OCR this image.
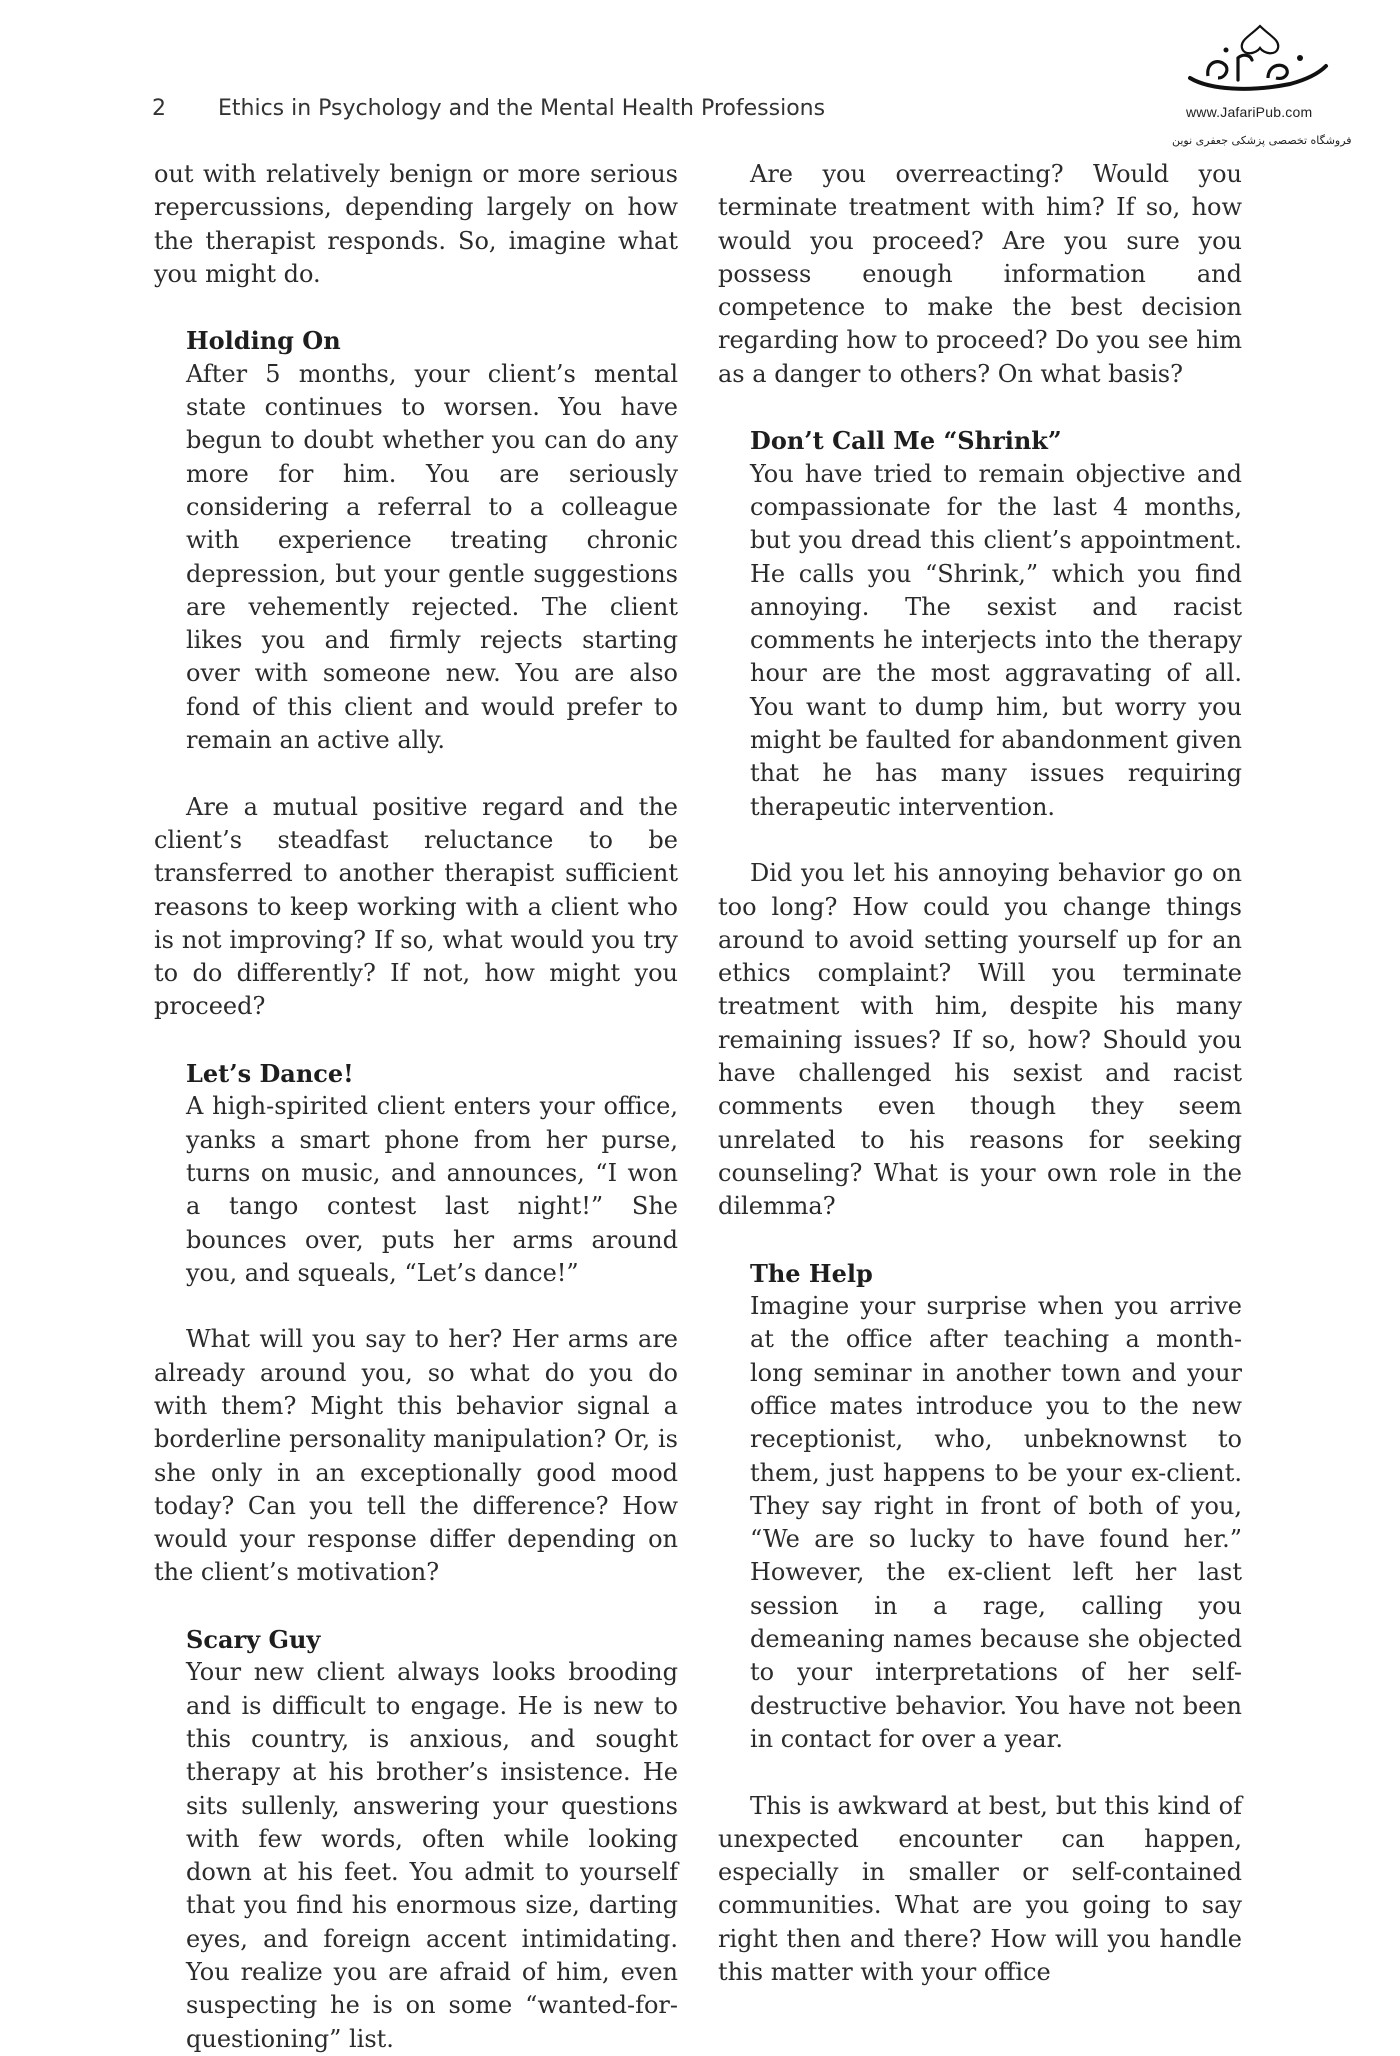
2 Ethics in Psychology and the Mental Health Professions	www.JafariPub.com
فروشگاه تخصصی پزشکی جعفری نوین

out with relatively benign or more serious repercussions, depending largely on how the therapist responds. So, imagine what you might do.

Holding On

After 5 months, your client’s mental state continues to worsen. You have begun to doubt whether you can do any more for him. You are seriously considering a referral to a colleague with experience treating chronic depression, but your gentle suggestions are vehemently rejected. The client likes you and firmly rejects starting over with someone new. You are also fond of this client and would prefer to remain an active ally.

Are a mutual positive regard and the client’s steadfast reluctance to be transferred to another therapist sufficient reasons to keep working with a client who is not improving? If so, what would you try to do differently? If not, how might you proceed?

Let’s Dance!

A high-spirited client enters your office, yanks a smart phone from her purse, turns on music, and announces, “I won a tango contest last night!” She bounces over, puts her arms around you, and squeals, “Let’s dance!”

What will you say to her? Her arms are already around you, so what do you do with them? Might this behavior signal a borderline personality manipulation? Or, is she only in an exceptionally good mood today? Can you tell the difference? How would your response differ depending on the client’s motivation?

Scary Guy

Your new client always looks brooding and is difficult to engage. He is new to this country, is anxious, and sought therapy at his brother’s insistence. He sits sullenly, answering your questions with few words, often while looking down at his feet. You admit to yourself that you find his enormous size, darting eyes, and foreign accent intimidating. You realize you are afraid of him, even suspecting he is on some “wanted-for-questioning” list.

Are you overreacting? Would you terminate treatment with him? If so, how would you proceed? Are you sure you possess enough information and competence to make the best decision regarding how to proceed? Do you see him as a danger to others? On what basis?

Don’t Call Me “Shrink”

You have tried to remain objective and compassionate for the last 4 months, but you dread this client’s appointment. He calls you “Shrink,” which you find annoying. The sexist and racist comments he interjects into the therapy hour are the most aggravating of all. You want to dump him, but worry you might be faulted for abandonment given that he has many issues requiring therapeutic intervention.

Did you let his annoying behavior go on too long? How could you change things around to avoid setting yourself up for an ethics complaint? Will you terminate treatment with him, despite his many remaining issues? If so, how? Should you have challenged his sexist and racist comments even though they seem unrelated to his reasons for seeking counseling? What is your own role in the dilemma?

The Help

Imagine your surprise when you arrive at the office after teaching a month-long seminar in another town and your office mates introduce you to the new receptionist, who, unbeknownst to them, just happens to be your ex-client. They say right in front of both of you, “We are so lucky to have found her.” However, the ex-client left her last session in a rage, calling you demeaning names because she objected to your interpretations of her self-destructive behavior. You have not been in contact for over a year.

This is awkward at best, but this kind of unexpected encounter can happen, especially in smaller or self-contained communities. What are you going to say right then and there? How will you handle this matter with your office
